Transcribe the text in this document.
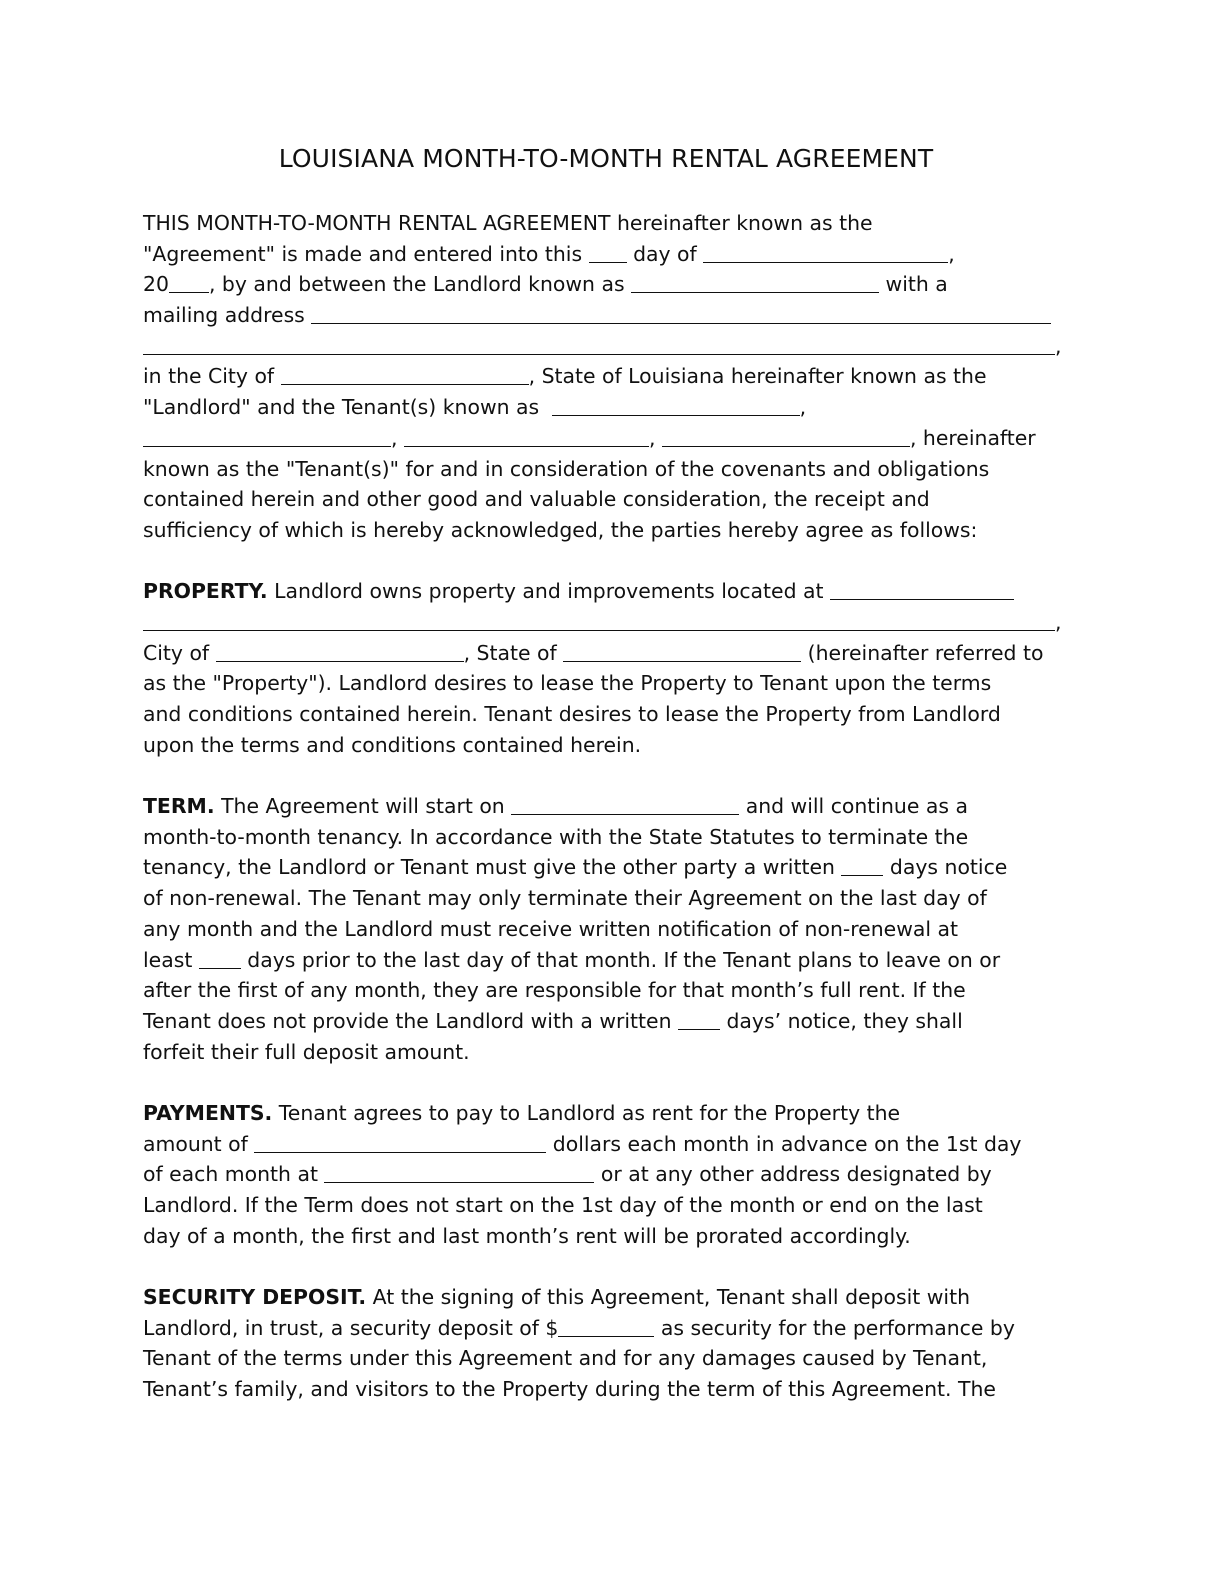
LOUISIANA MONTH-TO-MONTH RENTAL AGREEMENT
THIS MONTH-TO-MONTH RENTAL AGREEMENT hereinafter known as the
"Agreement" is made and entered into this day of	,
20 , by and between the Landlord known as	with a
mailing address
,
in the City of	, State of Louisiana hereinafter known as the
"Landlord" and the Tenant(s) known as	,
,	,	, hereinafter
known as the "Tenant(s)" for and in consideration of the covenants and obligations
contained herein and other good and valuable consideration, the receipt and
sufficiency of which is hereby acknowledged, the parties hereby agree as follows:
PROPERTY. Landlord owns property and improvements located at
,
City of	, State of	(hereinafter referred to
as the "Property"). Landlord desires to lease the Property to Tenant upon the terms
and conditions contained herein. Tenant desires to lease the Property from Landlord
upon the terms and conditions contained herein.
TERM. The Agreement will start on	and will continue as a
month-to-month tenancy. In accordance with the State Statutes to terminate the
tenancy, the Landlord or Tenant must give the other party a written	days notice
of non-renewal. The Tenant may only terminate their Agreement on the last day of
any month and the Landlord must receive written notification of non-renewal at
least	days prior to the last day of that month. If the Tenant plans to leave on or
after the first of any month, they are responsible for that month’s full rent. If the
Tenant does not provide the Landlord with a written	days’ notice, they shall
forfeit their full deposit amount.
PAYMENTS. Tenant agrees to pay to Landlord as rent for the Property the
amount of	dollars each month in advance on the 1st day
of each month at	or at any other address designated by
Landlord. If the Term does not start on the 1st day of the month or end on the last
day of a month, the first and last month’s rent will be prorated accordingly.
SECURITY DEPOSIT. At the signing of this Agreement, Tenant shall deposit with
Landlord, in trust, a security deposit of $	as security for the performance by
Tenant of the terms under this Agreement and for any damages caused by Tenant,
Tenant’s family, and visitors to the Property during the term of this Agreement. The
